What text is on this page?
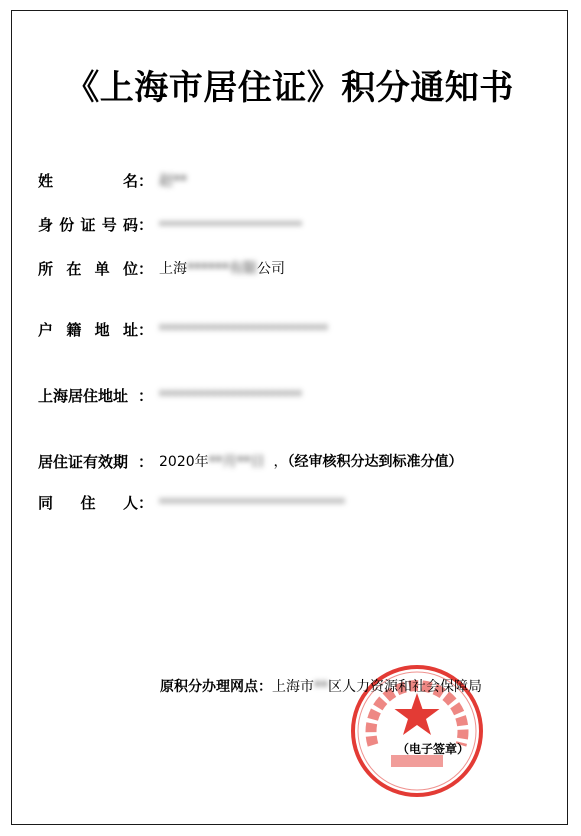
《上海市居住证》积分通知书
姓	名 ： 赵**
身 份 证 号 码 ： **************************
所 在 单 位 ： 上海******有限公司
户 籍 地 址 ： **************************
上海居住地址 ： **********************
居住证有效期 ： 2020年**月**日  ，（经审核积分达到标准分值）
同 住 人 ： *******************************
原积分办理网点：上海市**区人力资源和社会保障局
（电子签章）
